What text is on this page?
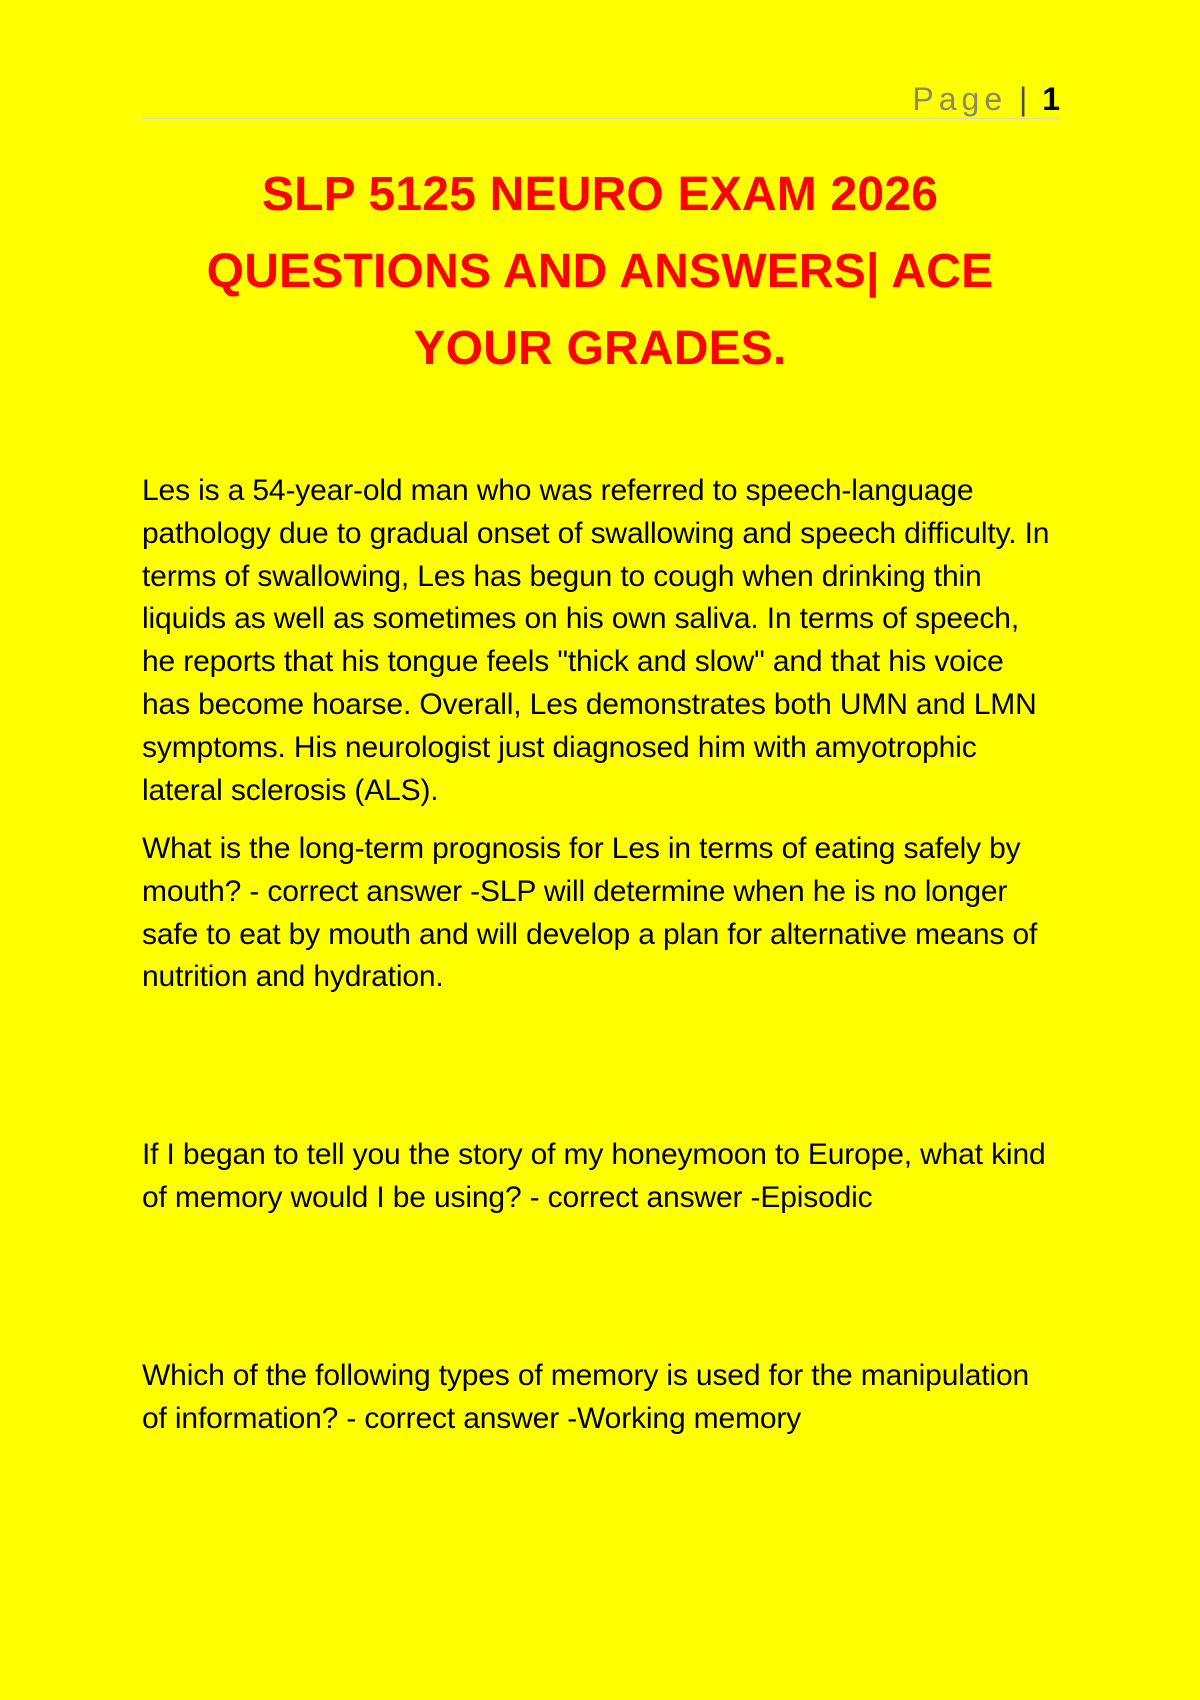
Page | 1
SLP 5125 NEURO EXAM 2026 QUESTIONS AND ANSWERS| ACE YOUR GRADES.

Les is a 54-year-old man who was referred to speech-language pathology due to gradual onset of swallowing and speech difficulty. In terms of swallowing, Les has begun to cough when drinking thin liquids as well as sometimes on his own saliva. In terms of speech, he reports that his tongue feels "thick and slow" and that his voice has become hoarse. Overall, Les demonstrates both UMN and LMN symptoms. His neurologist just diagnosed him with amyotrophic lateral sclerosis (ALS).

What is the long-term prognosis for Les in terms of eating safely by mouth? - correct answer -SLP will determine when he is no longer safe to eat by mouth and will develop a plan for alternative means of nutrition and hydration.

If I began to tell you the story of my honeymoon to Europe, what kind of memory would I be using? - correct answer -Episodic

Which of the following types of memory is used for the manipulation of information? - correct answer -Working memory
